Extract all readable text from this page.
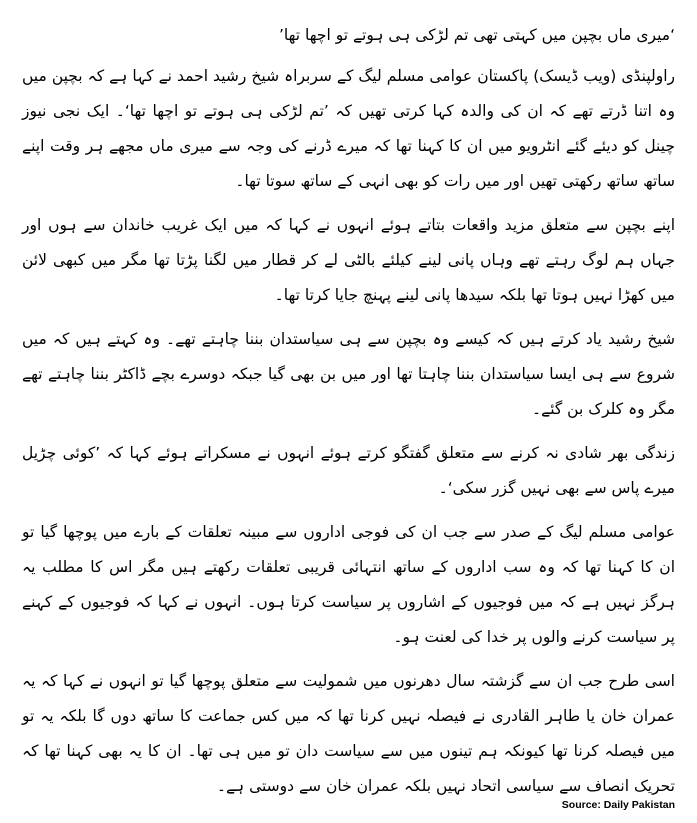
‘میری ماں بچپن میں کہتی تھی تم لڑکی ہی ہوتے تو اچھا تھا’

راولپنڈی (ویب ڈیسک) پاکستان عوامی مسلم لیگ کے سربراہ شیخ رشید احمد نے کہا ہے کہ بچپن میں وہ اتنا ڈرتے تھے کہ ان کی والدہ کہا کرتی تھیں کہ ’تم لڑکی ہی ہوتے تو اچھا تھا‘۔ ایک نجی نیوز چینل کو دیئے گئے انٹرویو میں ان کا کہنا تھا کہ میرے ڈرنے کی وجہ سے میری ماں مجھے ہر وقت اپنے ساتھ ساتھ رکھتی تھیں اور میں رات کو بھی انہی کے ساتھ سوتا تھا۔

اپنے بچپن سے متعلق مزید واقعات بتاتے ہوئے انہوں نے کہا کہ میں ایک غریب خاندان سے ہوں اور جہاں ہم لوگ رہتے تھے وہاں پانی لینے کیلئے بالٹی لے کر قطار میں لگنا پڑتا تھا مگر میں کبھی لائن میں کھڑا نہیں ہوتا تھا بلکہ سیدھا پانی لینے پہنچ جایا کرتا تھا۔

شیخ رشید یاد کرتے ہیں کہ کیسے وہ بچپن سے ہی سیاستدان بننا چاہتے تھے۔ وہ کہتے ہیں کہ میں شروع سے ہی ایسا سیاستدان بننا چاہتا تھا اور میں بن بھی گیا جبکہ دوسرے بچے ڈاکٹر بننا چاہتے تھے مگر وہ کلرک بن گئے۔

زندگی بھر شادی نہ کرنے سے متعلق گفتگو کرتے ہوئے انہوں نے مسکراتے ہوئے کہا کہ ’کوئی چڑیل میرے پاس سے بھی نہیں گزر سکی‘۔

عوامی مسلم لیگ کے صدر سے جب ان کی فوجی اداروں سے مبینہ تعلقات کے بارے میں پوچھا گیا تو ان کا کہنا تھا کہ وہ سب اداروں کے ساتھ انتہائی قریبی تعلقات رکھتے ہیں مگر اس کا مطلب یہ ہرگز نہیں ہے کہ میں فوجیوں کے اشاروں پر سیاست کرتا ہوں۔ انہوں نے کہا کہ فوجیوں کے کہنے پر سیاست کرنے والوں پر خدا کی لعنت ہو۔

اسی طرح جب ان سے گزشتہ سال دھرنوں میں شمولیت سے متعلق پوچھا گیا تو انہوں نے کہا کہ یہ عمران خان یا طاہر القادری نے فیصلہ نہیں کرنا تھا کہ میں کس جماعت کا ساتھ دوں گا بلکہ یہ تو میں فیصلہ کرنا تھا کیونکہ ہم تینوں میں سے سیاست دان تو میں ہی تھا۔ ان کا یہ بھی کہنا تھا کہ تحریک انصاف سے سیاسی اتحاد نہیں بلکہ عمران خان سے دوستی ہے۔

Source: Daily Pakistan
